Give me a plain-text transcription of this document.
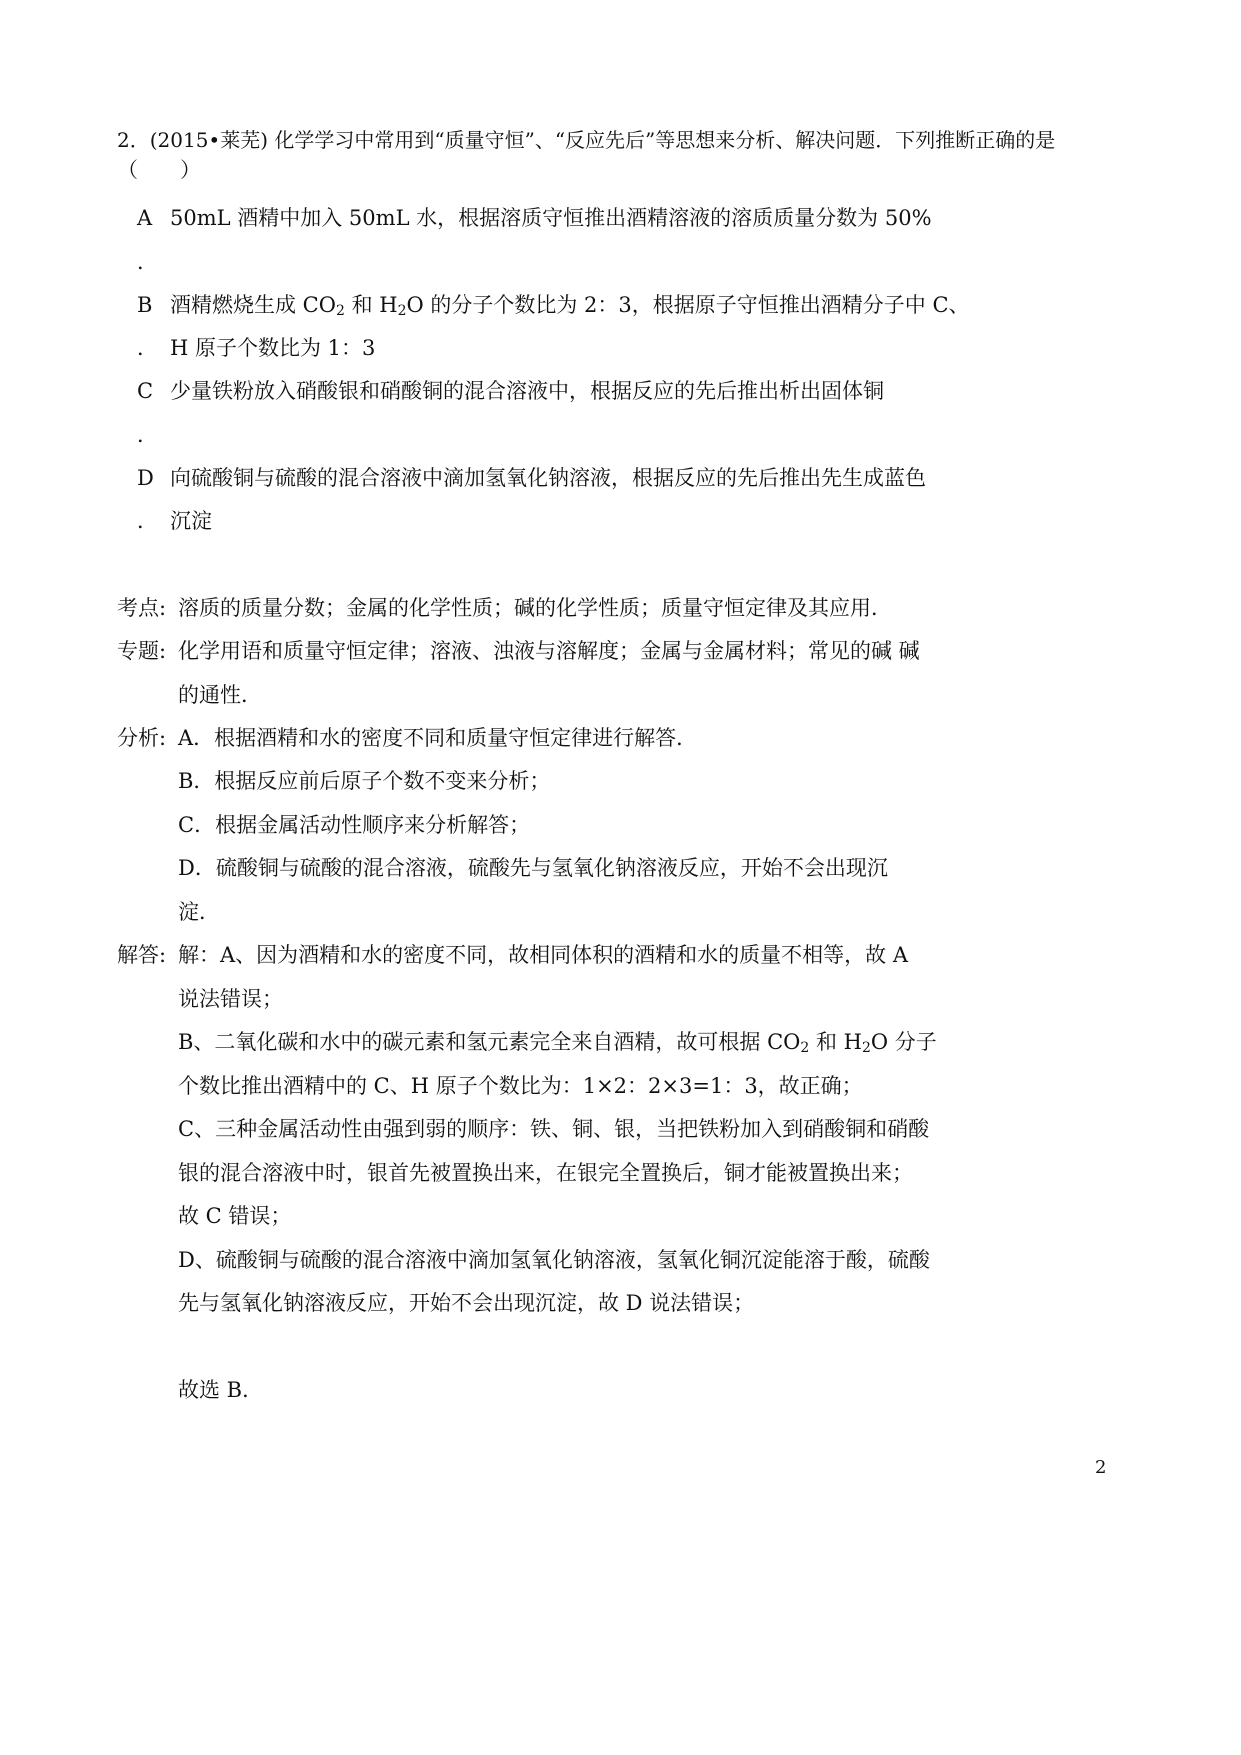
2．(2015•莱芜) 化学学习中常用到“质量守恒”、“反应先后”等思想来分析、解决问题．下列推断正确的是
（　　）
A 50mL 酒精中加入 50mL 水，根据溶质守恒推出酒精溶液的溶质质量分数为 50%
．
B 酒精燃烧生成 $CO_2$ 和 $H_2O$ 的分子个数比为 2：3，根据原子守恒推出酒精分子中 C、
． H 原子个数比为 1：3
C 少量铁粉放入硝酸银和硝酸铜的混合溶液中，根据反应的先后推出析出固体铜
．
D 向硫酸铜与硫酸的混合溶液中滴加氢氧化钠溶液，根据反应的先后推出先生成蓝色
． 沉淀
考点: 溶质的质量分数；金属的化学性质；碱的化学性质；质量守恒定律及其应用．
专题: 化学用语和质量守恒定律；溶液、浊液与溶解度；金属与金属材料；常见的碱 碱
的通性．
分析: A．根据酒精和水的密度不同和质量守恒定律进行解答．
B．根据反应前后原子个数不变来分析；
C．根据金属活动性顺序来分析解答；
D．硫酸铜与硫酸的混合溶液，硫酸先与氢氧化钠溶液反应，开始不会出现沉
淀．
解答: 解：A、因为酒精和水的密度不同，故相同体积的酒精和水的质量不相等，故 A
说法错误；
B、二氧化碳和水中的碳元素和氢元素完全来自酒精，故可根据 $CO_2$ 和 $H_2O$ 分子
个数比推出酒精中的 C、H 原子个数比为：1×2：2×3=1：3，故正确；
C、三种金属活动性由强到弱的顺序：铁、铜、银，当把铁粉加入到硝酸铜和硝酸
银的混合溶液中时，银首先被置换出来，在银完全置换后，铜才能被置换出来；
故 C 错误；
D、硫酸铜与硫酸的混合溶液中滴加氢氧化钠溶液，氢氧化铜沉淀能溶于酸，硫酸
先与氢氧化钠溶液反应，开始不会出现沉淀，故 D 说法错误；
故选 B．
2
